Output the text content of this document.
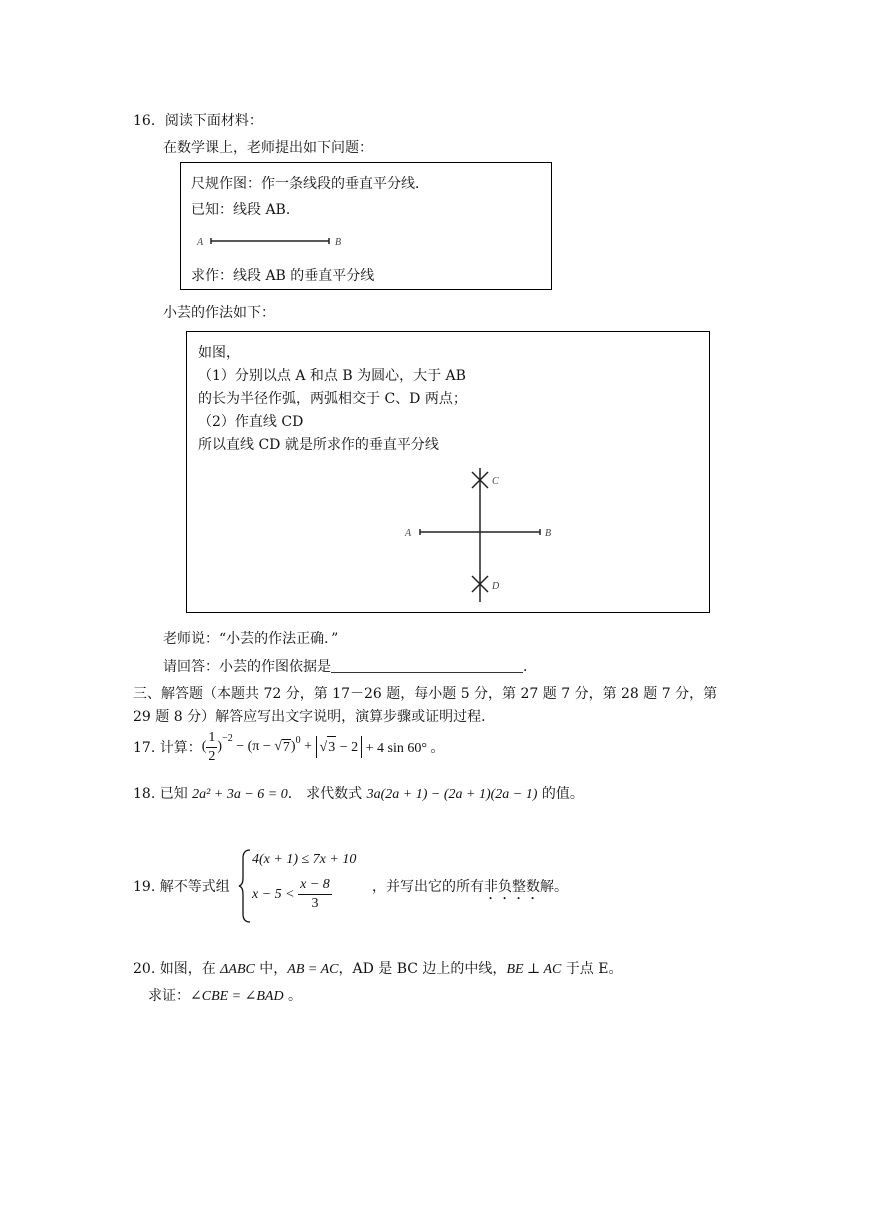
16．阅读下面材料：
在数学课上，老师提出如下问题：
尺规作图：作一条线段的垂直平分线．
已知：线段 AB．
A	B
求作：线段 AB 的垂直平分线
小芸的作法如下：
如图，
（1）分别以点 A 和点 B 为圆心，大于 AB
的长为半径作弧，两弧相交于 C、D 两点；
（2）作直线 CD
所以直线 CD 就是所求作的垂直平分线
A	B
C
D
老师说：“小芸的作法正确．”
请回答：小芸的作图依据是	．
三、解答题（本题共 72 分，第 17－26 题，每小题 5 分，第 27 题 7 分，第 28 题 7 分，第
29 题 8 分）解答应写出文字说明，演算步骤或证明过程．
17. 计算： ( $\frac{1}{2}$ )
$^{-2}$
− (π − √ 7 )$^0$ + √3 − 2 + 4 sin 60° 。
18. 已知 2a² + 3a − 6 = 0． 求代数式 3a(2a + 1) − (2a + 1)(2a − 1) 的值。
19. 解不等式组
4(x + 1) ≤ 7x + 10
$x - 5 < \frac{x - 8}{3}$	，并写出它的所有非负整数解。
20. 如图，在 ΔABC 中，AB = AC，AD 是 BC 边上的中线，BE ⊥ AC 于点 E。
求证：∠CBE = ∠BAD 。
